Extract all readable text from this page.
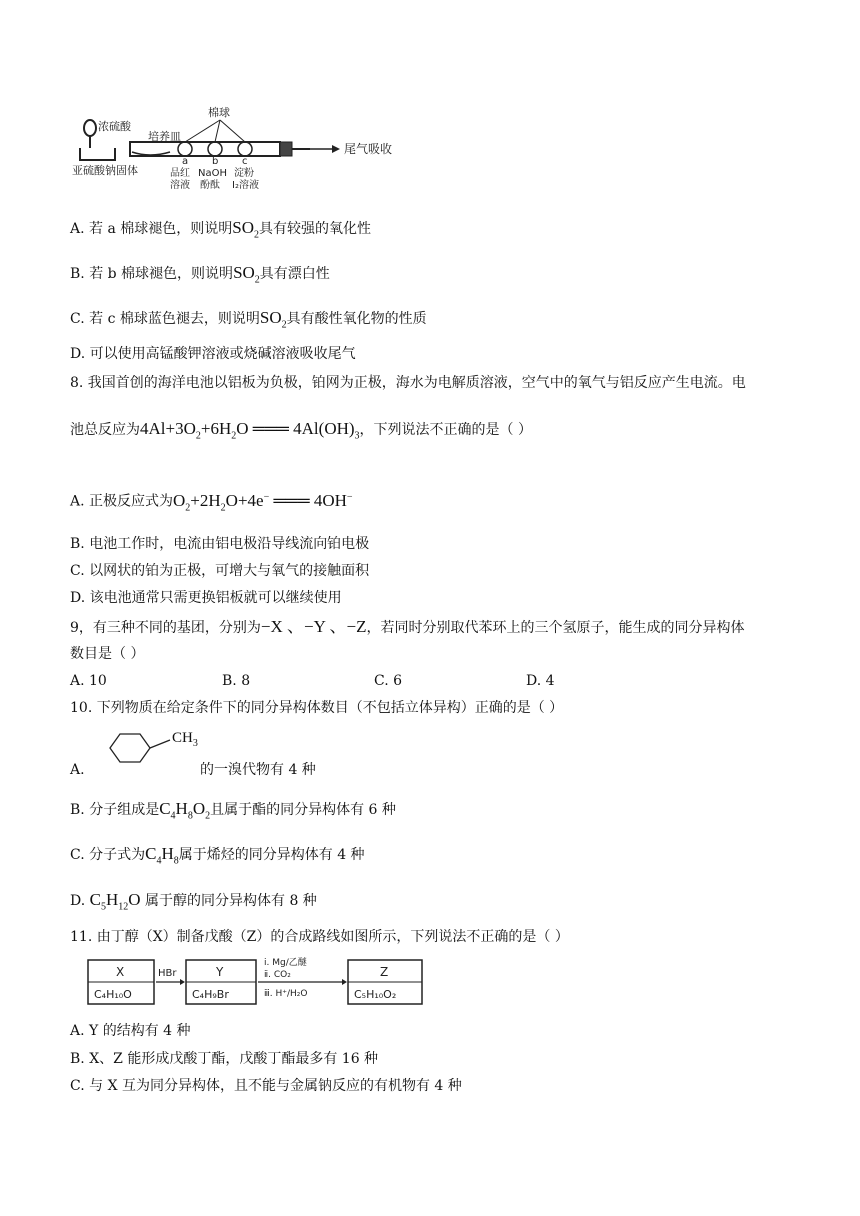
浓硫酸
培养皿
棉球
亚硫酸钠固体
a b c
品红
溶液
NaOH
酚酞
淀粉
I₂溶液
尾气吸收
A. 若 a 棉球褪色，则说明$SO_2$具有较强的氧化性
B. 若 b 棉球褪色，则说明$SO_2$具有漂白性
C. 若 c 棉球蓝色褪去，则说明$SO_2$具有酸性氧化物的性质
D. 可以使用高锰酸钾溶液或烧碱溶液吸收尾气
8. 我国首创的海洋电池以铝板为负极，铂网为正极，海水为电解质溶液，空气中的氧气与铝反应产生电流。电
池总反应为$4Al+3O_2+6H_2O$ ═══ $4Al(OH)_3$，下列说法不正确的是（ ）
A. 正极反应式为$O_2+2H_2O+4e^-$ ═══ 4OH−
B. 电池工作时，电流由铝电极沿导线流向铂电极
C. 以网状的铂为正极，可增大与氧气的接触面积
D. 该电池通常只需更换铝板就可以继续使用
9，有三种不同的基团，分别为−X 、−Y 、−Z，若同时分别取代苯环上的三个氢原子，能生成的同分异构体
数目是（ ）
A. 10	B. 8	C. 6	D. 4
10. 下列物质在给定条件下的同分异构体数目（不包括立体异构）正确的是（ ）
A.
$CH_3$
的一溴代物有 4 种
B. 分子组成是$C_4H_8O_2$且属于酯的同分异构体有 6 种
C. 分子式为$C_4H_8$属于烯烃的同分异构体有 4 种
D. $C_5H_{12}O$ 属于醇的同分异构体有 8 种
11. 由丁醇（X）制备戊酸（Z）的合成路线如图所示，下列说法不正确的是（ ）
X
C₄H₁₀O
HBr	Y
C₄H₉Br
ⅰ. Mg/乙醚
ⅱ. CO₂
ⅲ. H⁺/H₂O
Z
C₅H₁₀O₂
A. Y 的结构有 4 种
B. X、Z 能形成戊酸丁酯，戊酸丁酯最多有 16 种
C. 与 X 互为同分异构体，且不能与金属钠反应的有机物有 4 种
